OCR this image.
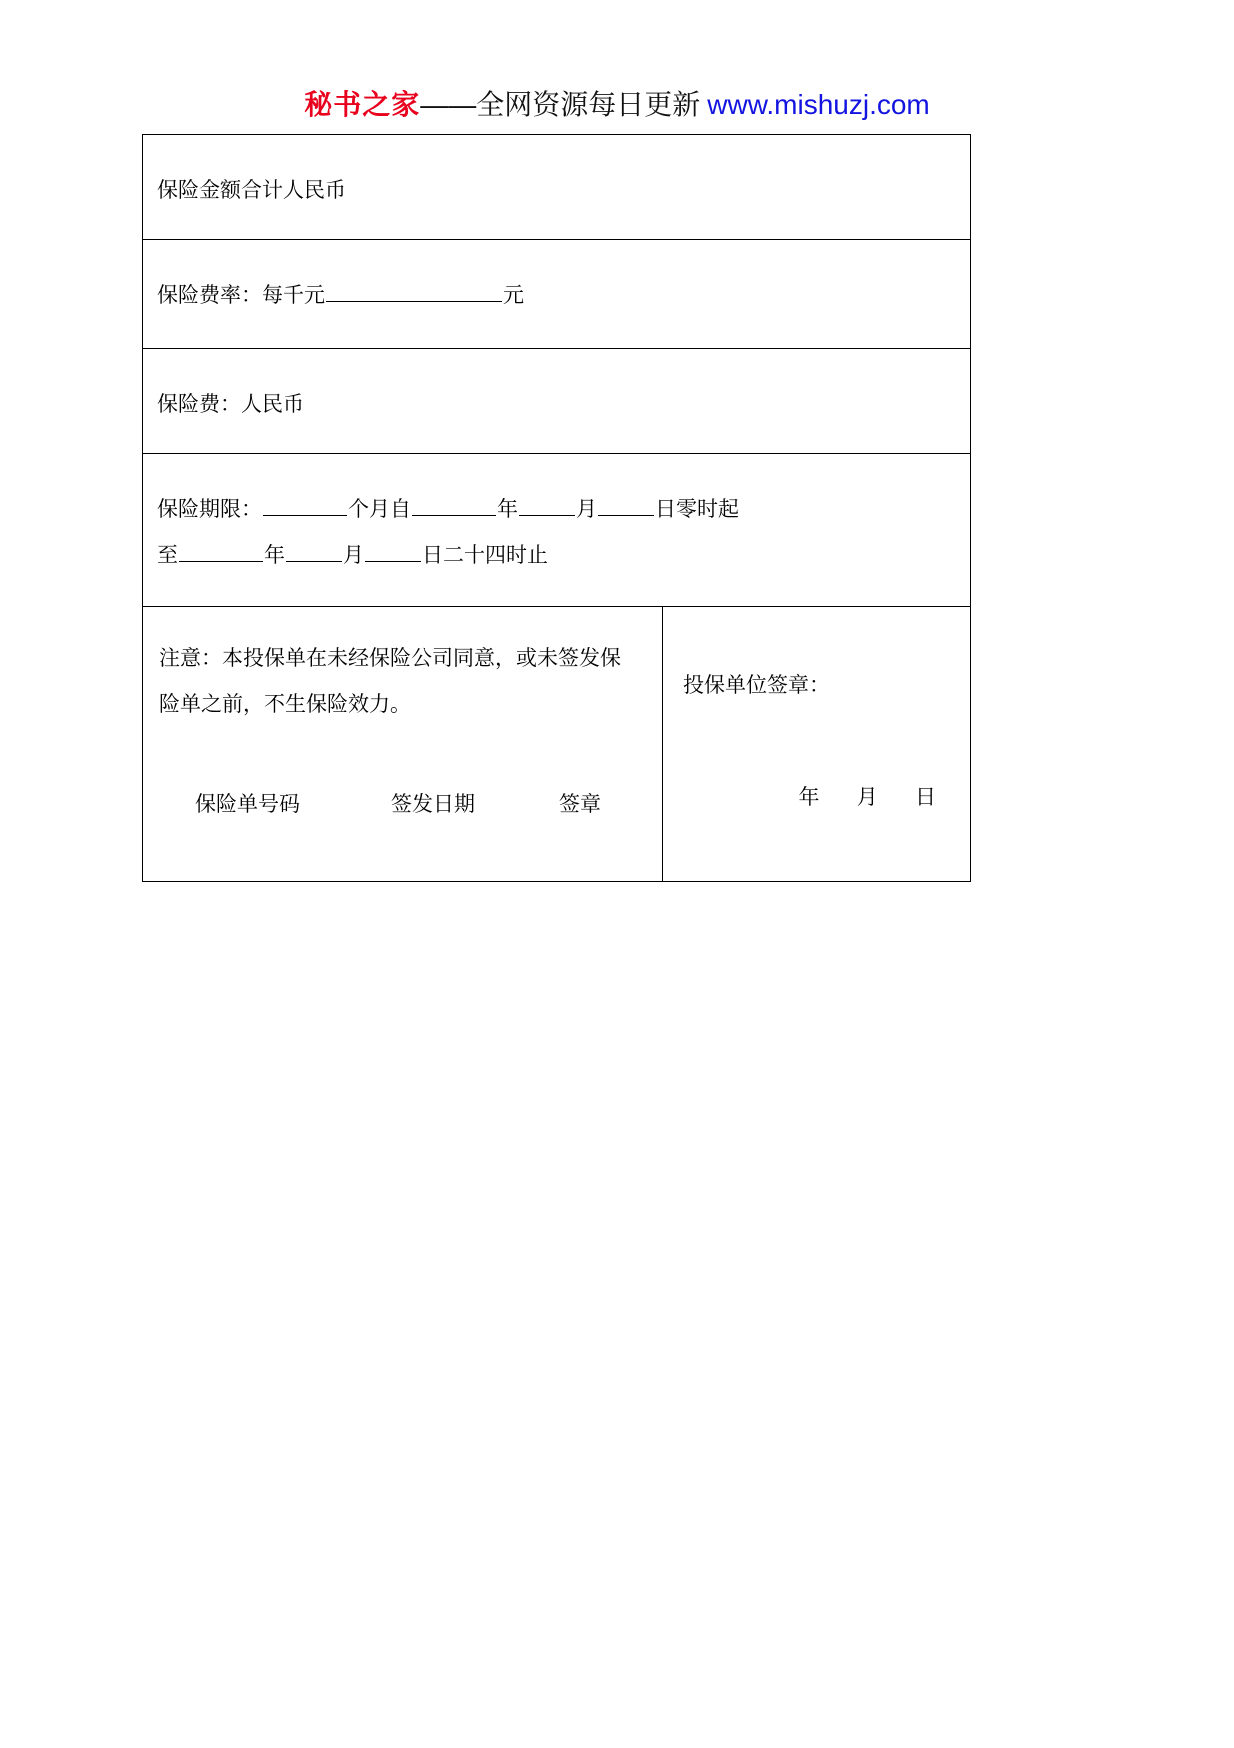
秘书之家——全网资源每日更新 www.mishuzj.com
保险金额合计人民币

保险费率：每千元	元

保险费：人民币

保险期限：	个月自	年	月	日零时起
至	年	月	日二十四时止

注意：本投保单在未经保险公司同意，或未签发保
险单之前，不生保险效力。
保险单号码	签发日期	签章

投保单位签章：
年 月 日
